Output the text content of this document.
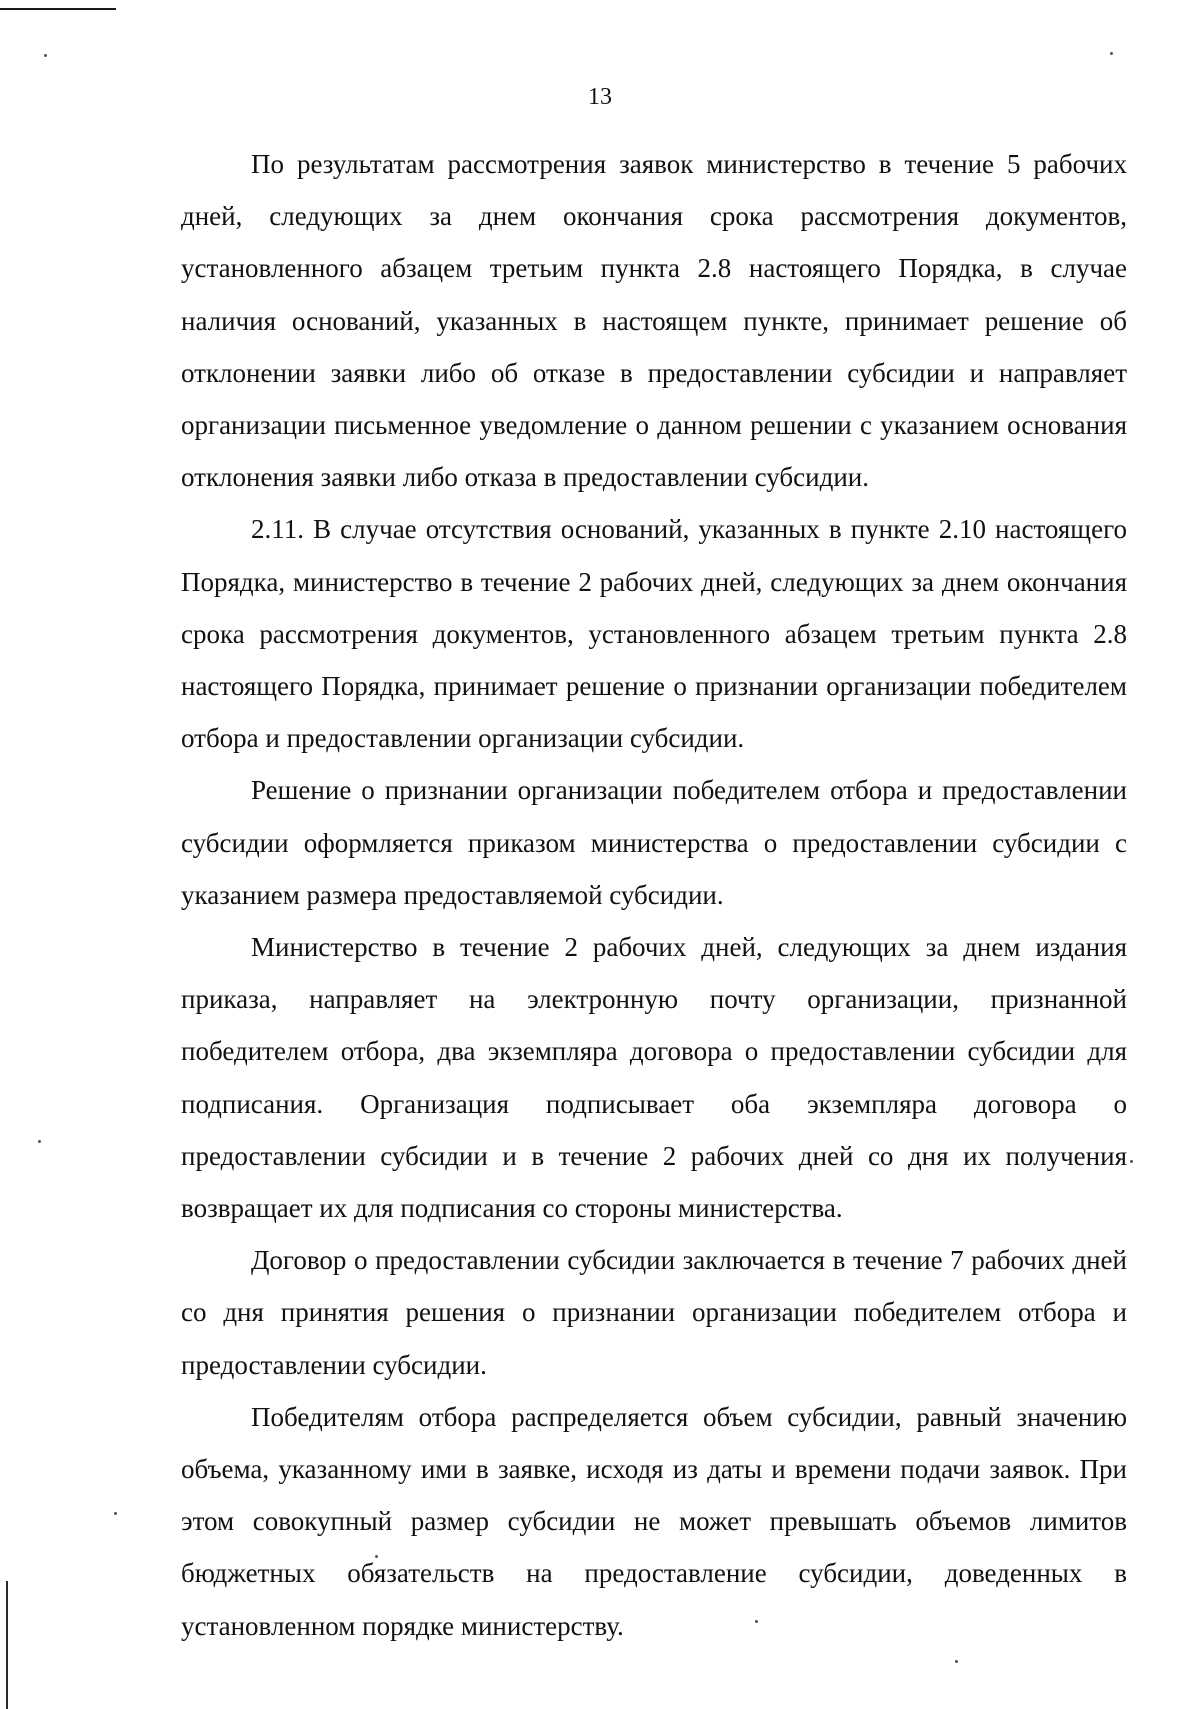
13

По результатам рассмотрения заявок министерство в течение 5 рабочих дней, следующих за днем окончания срока рассмотрения документов, установленного абзацем третьим пункта 2.8 настоящего Порядка, в случае наличия оснований, указанных в настоящем пункте, принимает решение об отклонении заявки либо об отказе в предоставлении субсидии и направляет организации письменное уведомление о данном решении с указанием основания отклонения заявки либо отказа в предоставлении субсидии.

2.11. В случае отсутствия оснований, указанных в пункте 2.10 настоящего Порядка, министерство в течение 2 рабочих дней, следующих за днем окончания срока рассмотрения документов, установленного абзацем третьим пункта 2.8 настоящего Порядка, принимает решение о признании организации победителем отбора и предоставлении организации субсидии.

Решение о признании организации победителем отбора и предоставлении субсидии оформляется приказом министерства о предоставлении субсидии с указанием размера предоставляемой субсидии.

Министерство в течение 2 рабочих дней, следующих за днем издания приказа, направляет на электронную почту организации, признанной победителем отбора, два экземпляра договора о предоставлении субсидии для подписания. Организация подписывает оба экземпляра договора о предоставлении субсидии и в течение 2 рабочих дней со дня их получения возвращает их для подписания со стороны министерства.

Договор о предоставлении субсидии заключается в течение 7 рабочих дней со дня принятия решения о признании организации победителем отбора и предоставлении субсидии.

Победителям отбора распределяется объем субсидии, равный значению объема, указанному ими в заявке, исходя из даты и времени подачи заявок. При этом совокупный размер субсидии не может превышать объемов лимитов бюджетных обязательств на предоставление субсидии, доведенных в установленном порядке министерству.
